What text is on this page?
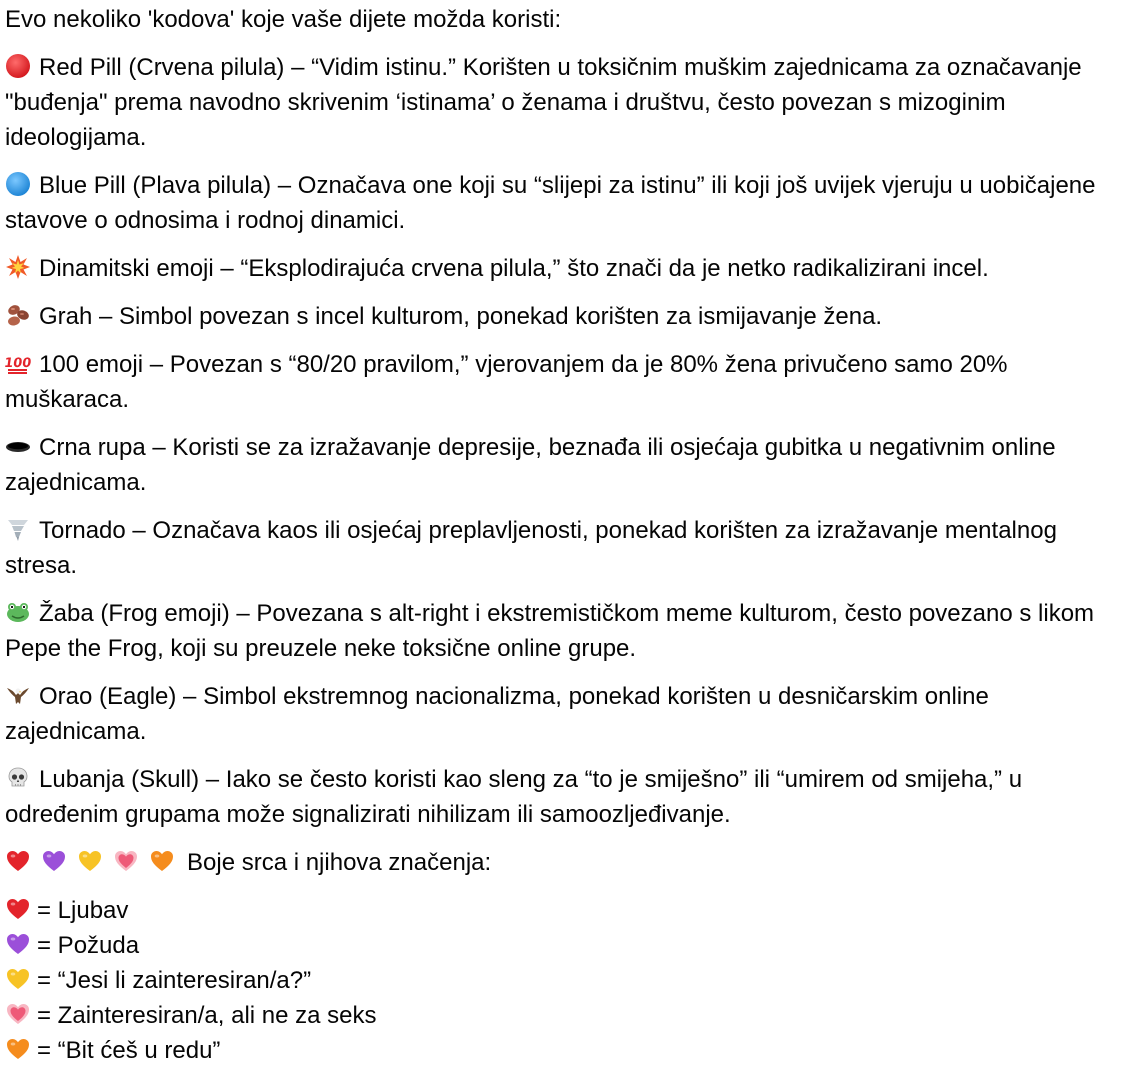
Evo nekoliko 'kodova' koje vaše dijete možda koristi:
Red Pill (Crvena pilula) – “Vidim istinu.” Korišten u toksičnim muškim zajednicama za označavanje "buđenja" prema navodno skrivenim ‘istinama’ o ženama i društvu, često povezan s mizoginim ideologijama.
Blue Pill (Plava pilula) – Označava one koji su “slijepi za istinu” ili koji još uvijek vjeruju u uobičajene stavove o odnosima i rodnoj dinamici.
Dinamitski emoji – “Eksplodirajuća crvena pilula,” što znači da je netko radikalizirani incel.
Grah – Simbol povezan s incel kulturom, ponekad korišten za ismijavanje žena.
100 100 emoji – Povezan s “80/20 pravilom,” vjerovanjem da je 80% žena privučeno samo 20% muškaraca.
Crna rupa – Koristi se za izražavanje depresije, beznađa ili osjećaja gubitka u negativnim online zajednicama.
Tornado – Označava kaos ili osjećaj preplavljenosti, ponekad korišten za izražavanje mentalnog stresa.
Žaba (Frog emoji) – Povezana s alt-right i ekstremističkom meme kulturom, često povezano s likom Pepe the Frog, koji su preuzele neke toksične online grupe.
Orao (Eagle) – Simbol ekstremnog nacionalizma, ponekad korišten u desničarskim online zajednicama.
Lubanja (Skull) – Iako se često koristi kao sleng za “to je smiješno” ili “umirem od smijeha,” u određenim grupama može signalizirati nihilizam ili samoozljeđivanje.
Boje srca i njihova značenja:
= Ljubav
= Požuda
= “Jesi li zainteresiran/a?”
= Zainteresiran/a, ali ne za seks
= “Bit ćeš u redu”
